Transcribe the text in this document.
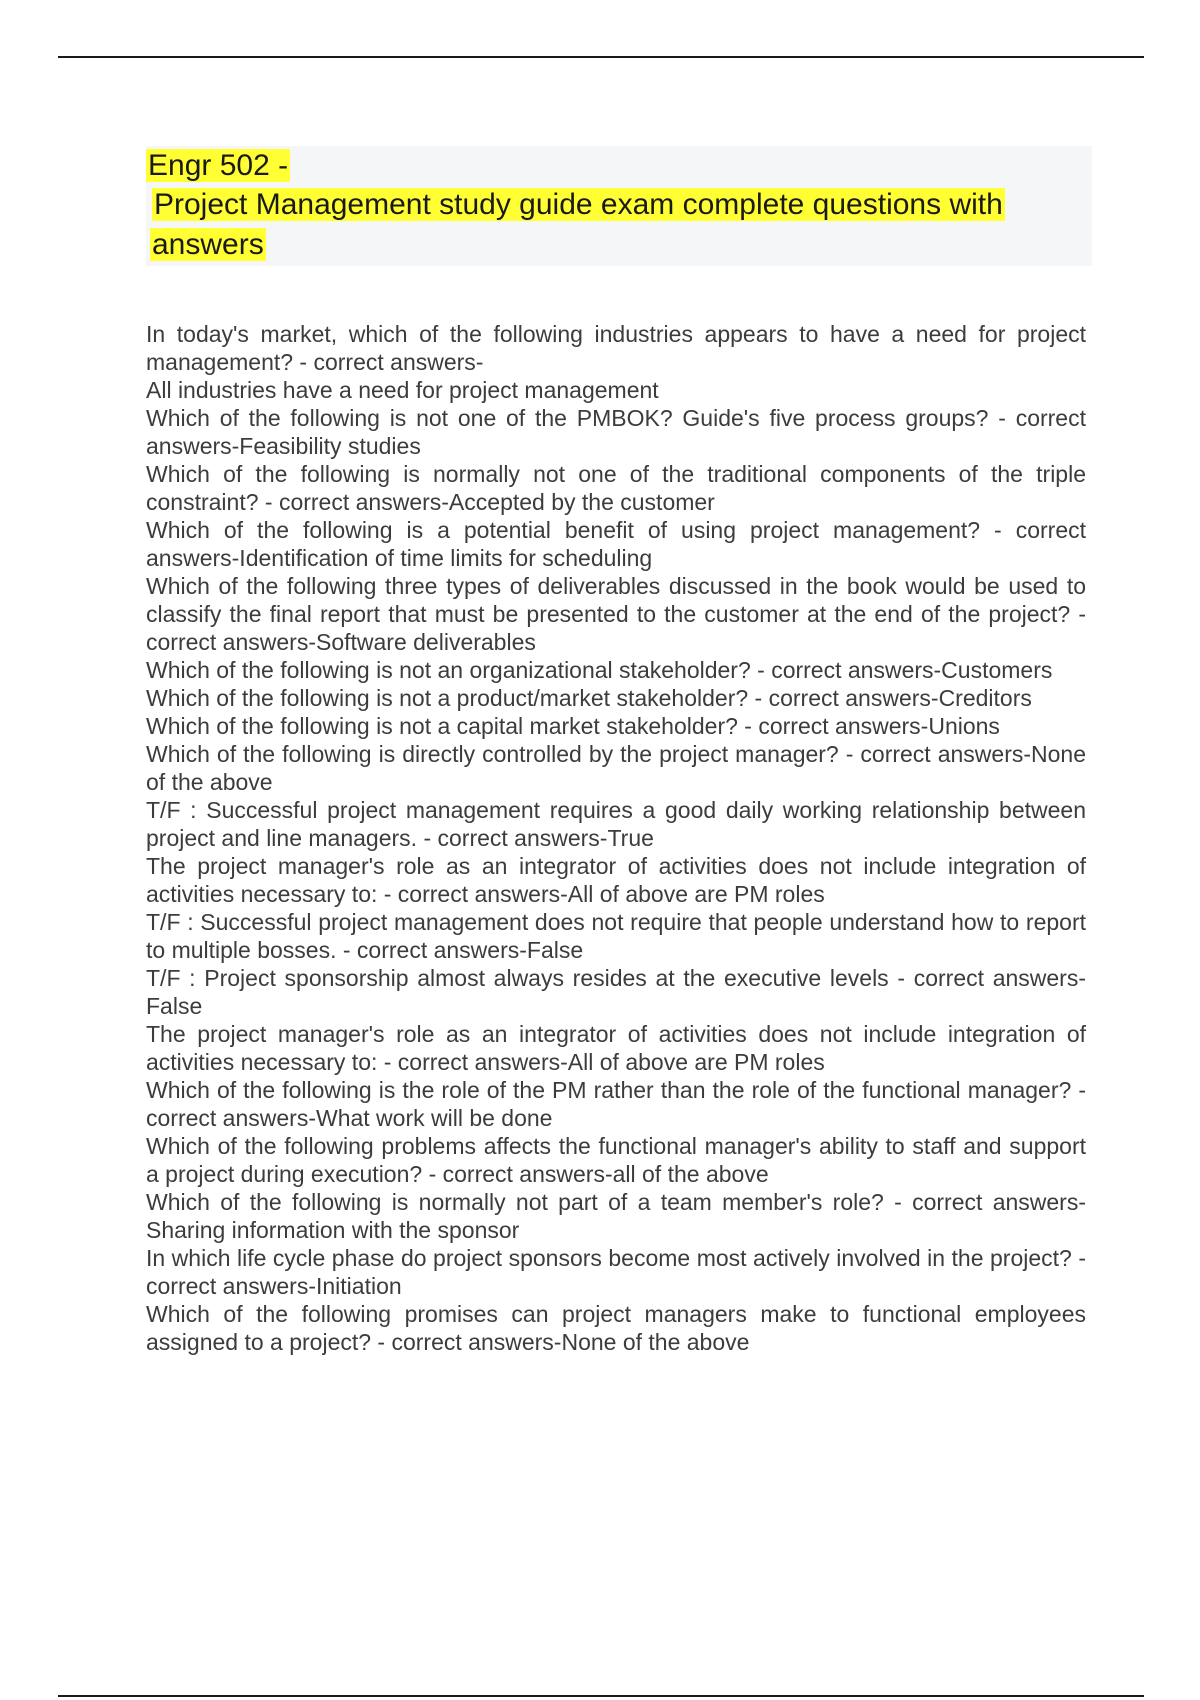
Engr 502 -
Project Management study guide exam complete questions with
answers
In today's market, which of the following industries appears to have a need for project management? - correct answers-
All industries have a need for project management
Which of the following is not one of the PMBOK? Guide's five process groups? - correct answers-Feasibility studies
Which of the following is normally not one of the traditional components of the triple constraint? - correct answers-Accepted by the customer
Which of the following is a potential benefit of using project management? - correct answers-Identification of time limits for scheduling
Which of the following three types of deliverables discussed in the book would be used to classify the final report that must be presented to the customer at the end of the project? - correct answers-Software deliverables
Which of the following is not an organizational stakeholder? - correct answers-Customers
Which of the following is not a product/market stakeholder? - correct answers-Creditors
Which of the following is not a capital market stakeholder? - correct answers-Unions
Which of the following is directly controlled by the project manager? - correct answers-None of the above
T/F : Successful project management requires a good daily working relationship between project and line managers. - correct answers-True
The project manager's role as an integrator of activities does not include integration of activities necessary to: - correct answers-All of above are PM roles
T/F : Successful project management does not require that people understand how to report to multiple bosses. - correct answers-False
T/F : Project sponsorship almost always resides at the executive levels - correct answers-False
The project manager's role as an integrator of activities does not include integration of activities necessary to: - correct answers-All of above are PM roles
Which of the following is the role of the PM rather than the role of the functional manager? - correct answers-What work will be done
Which of the following problems affects the functional manager's ability to staff and support a project during execution? - correct answers-all of the above
Which of the following is normally not part of a team member's role? - correct answers-Sharing information with the sponsor
In which life cycle phase do project sponsors become most actively involved in the project? - correct answers-Initiation
Which of the following promises can project managers make to functional employees assigned to a project? - correct answers-None of the above
